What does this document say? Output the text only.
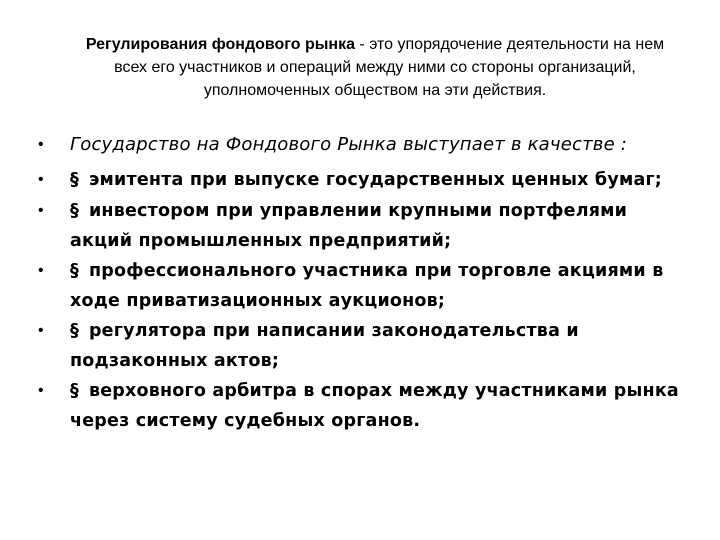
Регулирования фондового рынка - это упорядочение деятельности на нем всех его участников и операций между ними со стороны организаций, уполномоченных обществом на эти действия.
• Государство на Фондового Рынка выступает в качестве :
• § эмитента при выпуске государственных ценных бумаг;
• § инвестором при управлении крупными портфелями акций промышленных предприятий;
• § профессионального участника при торговле акциями в ходе приватизационных аукционов;
• § регулятора при написании законодательства и подзаконных актов;
• § верховного арбитра в спорах между участниками рынка через систему судебных органов.
